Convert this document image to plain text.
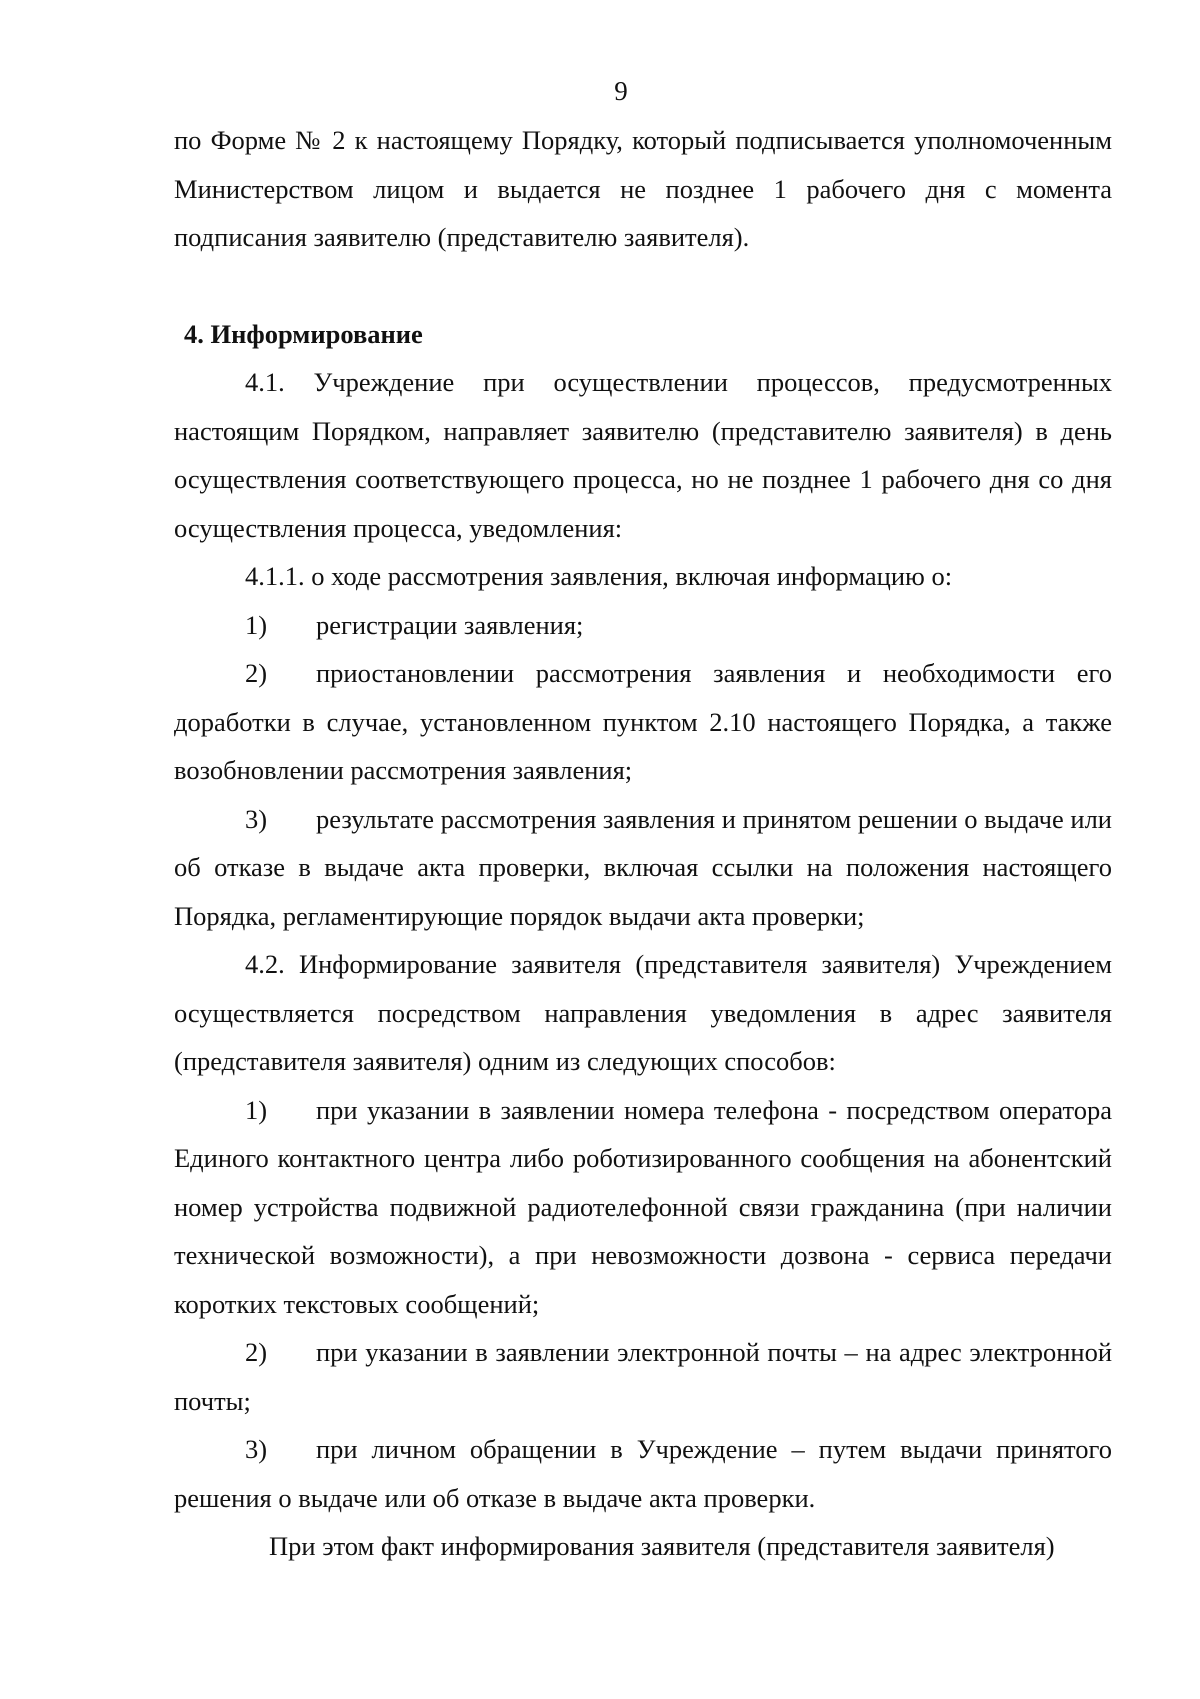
9

по Форме № 2 к настоящему Порядку, который подписывается уполномоченным Министерством лицом и выдается не позднее 1 рабочего дня с момента подписания заявителю (представителю заявителя).

4. Информирование

4.1. Учреждение при осуществлении процессов, предусмотренных настоящим Порядком, направляет заявителю (представителю заявителя) в день осуществления соответствующего процесса, но не позднее 1 рабочего дня со дня осуществления процесса, уведомления:

4.1.1. о ходе рассмотрения заявления, включая информацию о:

1) регистрации заявления;

2) приостановлении рассмотрения заявления и необходимости его доработки в случае, установленном пунктом 2.10 настоящего Порядка, а также возобновлении рассмотрения заявления;

3) результате рассмотрения заявления и принятом решении о выдаче или об отказе в выдаче акта проверки, включая ссылки на положения настоящего Порядка, регламентирующие порядок выдачи акта проверки;

4.2. Информирование заявителя (представителя заявителя) Учреждением осуществляется посредством направления уведомления в адрес заявителя (представителя заявителя) одним из следующих способов:

1) при указании в заявлении номера телефона - посредством оператора Единого контактного центра либо роботизированного сообщения на абонентский номер устройства подвижной радиотелефонной связи гражданина (при наличии технической возможности), а при невозможности дозвона - сервиса передачи коротких текстовых сообщений;

2) при указании в заявлении электронной почты – на адрес электронной почты;

3) при личном обращении в Учреждение – путем выдачи принятого решения о выдаче или об отказе в выдаче акта проверки.

При этом факт информирования заявителя (представителя заявителя)
